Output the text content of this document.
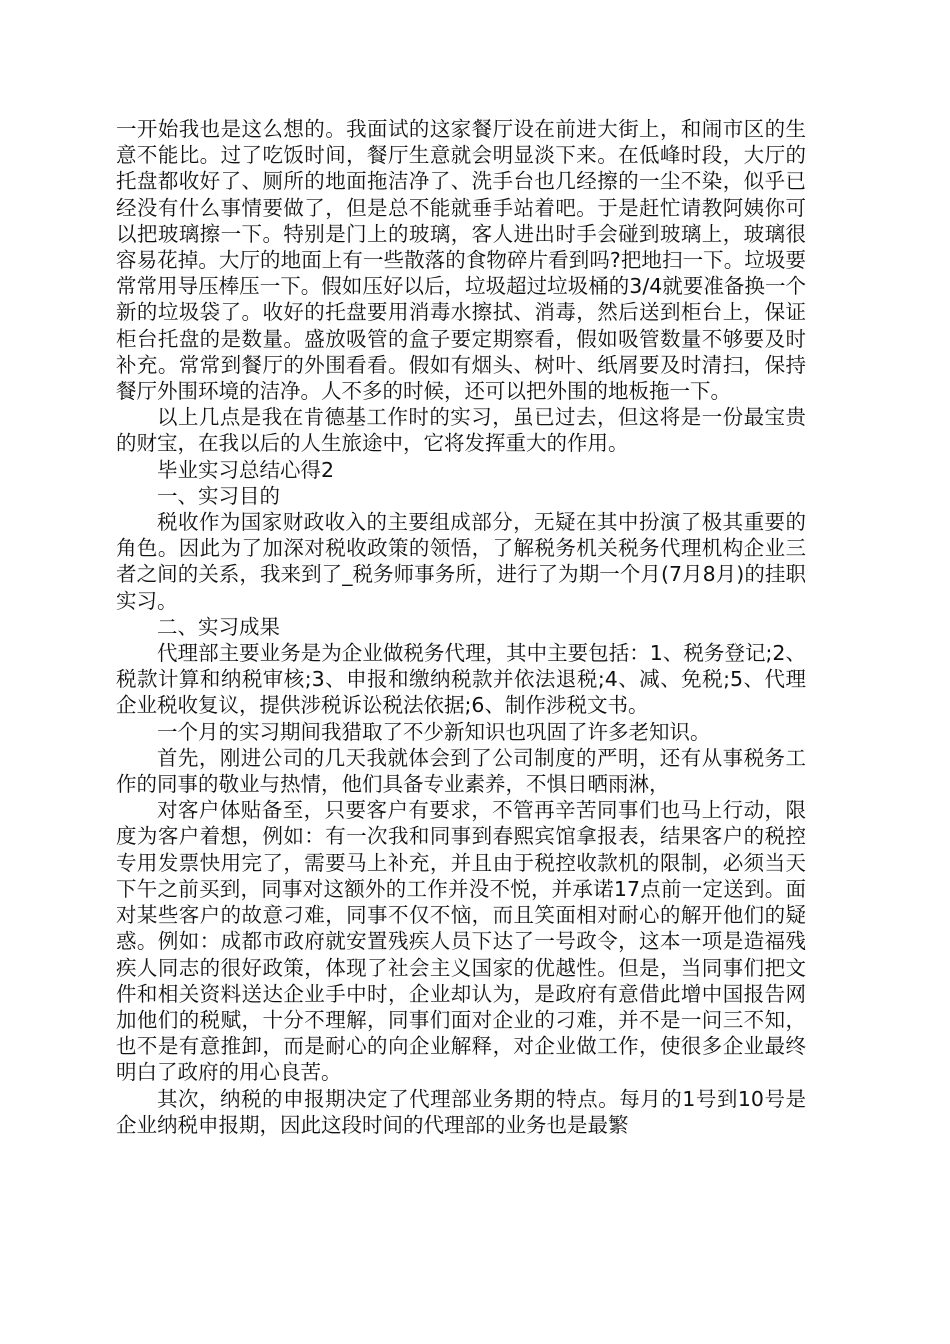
一开始我也是这么想的。我面试的这家餐厅设在前进大街上，和闹市区的生意不能比。过了吃饭时间，餐厅生意就会明显淡下来。在低峰时段，大厅的托盘都收好了、厕所的地面拖洁净了、洗手台也几经擦的一尘不染，似乎已经没有什么事情要做了，但是总不能就垂手站着吧。于是赶忙请教阿姨你可以把玻璃擦一下。特别是门上的玻璃，客人进出时手会碰到玻璃上，玻璃很容易花掉。大厅的地面上有一些散落的食物碎片看到吗?把地扫一下。垃圾要常常用导压棒压一下。假如压好以后，垃圾超过垃圾桶的3/4就要准备换一个新的垃圾袋了。收好的托盘要用消毒水擦拭、消毒，然后送到柜台上，保证柜台托盘的是数量。盛放吸管的盒子要定期察看，假如吸管数量不够要及时补充。常常到餐厅的外围看看。假如有烟头、树叶、纸屑要及时清扫，保持餐厅外围环境的洁净。人不多的时候，还可以把外围的地板拖一下。

以上几点是我在肯德基工作时的实习，虽已过去，但这将是一份最宝贵的财宝，在我以后的人生旅途中，它将发挥重大的作用。

毕业实习总结心得2

一、实习目的

税收作为国家财政收入的主要组成部分，无疑在其中扮演了极其重要的角色。因此为了加深对税收政策的领悟，了解税务机关税务代理机构企业三者之间的关系，我来到了_税务师事务所，进行了为期一个月(7月8月)的挂职实习。

二、实习成果

代理部主要业务是为企业做税务代理，其中主要包括：1、税务登记;2、税款计算和纳税审核;3、申报和缴纳税款并依法退税;4、减、免税;5、代理企业税收复议，提供涉税诉讼税法依据;6、制作涉税文书。

一个月的实习期间我猎取了不少新知识也巩固了许多老知识。

首先，刚进公司的几天我就体会到了公司制度的严明，还有从事税务工作的同事的敬业与热情，他们具备专业素养，不惧日晒雨淋，

对客户体贴备至，只要客户有要求，不管再辛苦同事们也马上行动，限度为客户着想，例如：有一次我和同事到春熙宾馆拿报表，结果客户的税控专用发票快用完了，需要马上补充，并且由于税控收款机的限制，必须当天下午之前买到，同事对这额外的工作并没不悦，并承诺17点前一定送到。面对某些客户的故意刁难，同事不仅不恼，而且笑面相对耐心的解开他们的疑惑。例如：成都市政府就安置残疾人员下达了一号政令，这本一项是造福残疾人同志的很好政策，体现了社会主义国家的优越性。但是，当同事们把文件和相关资料送达企业手中时，企业却认为，是政府有意借此增中国报告网加他们的税赋，十分不理解，同事们面对企业的刁难，并不是一问三不知，也不是有意推卸，而是耐心的向企业解释，对企业做工作，使很多企业最终明白了政府的用心良苦。

其次，纳税的申报期决定了代理部业务期的特点。每月的1号到10号是企业纳税申报期，因此这段时间的代理部的业务也是最繁
